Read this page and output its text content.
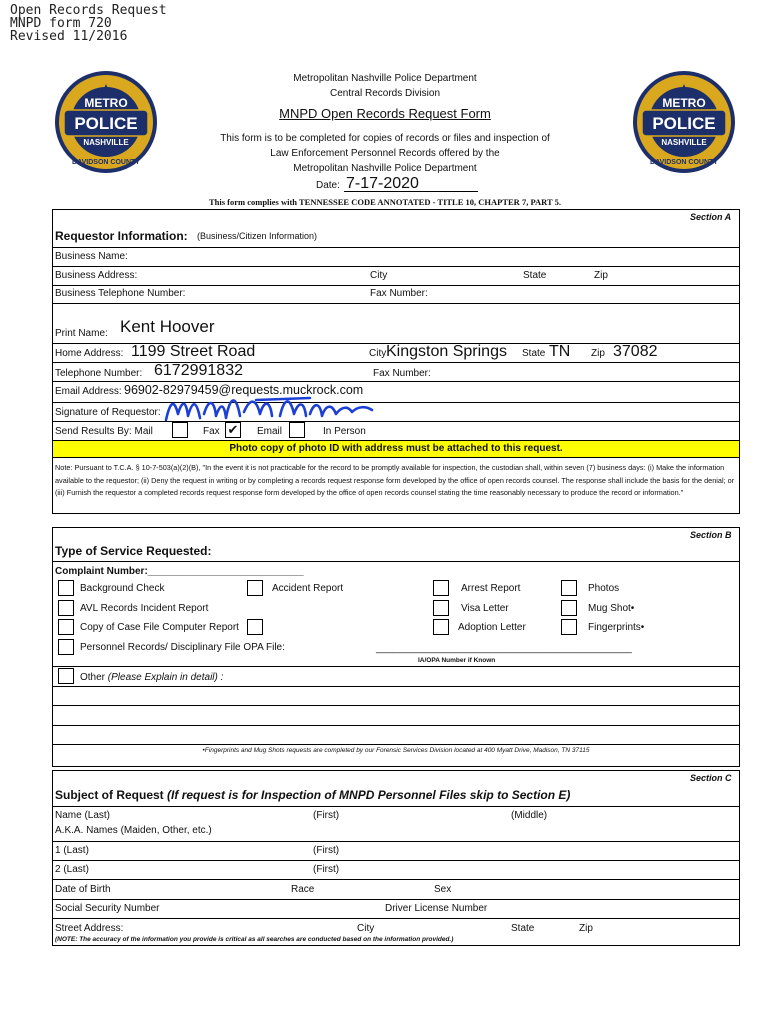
Open Records Request
MNPD form 720
Revised 11/2016
METRO
POLICE
NASHVILLE
DAVIDSON COUNTY
METRO
POLICE
NASHVILLE
DAVIDSON COUNTY
Metropolitan Nashville Police Department
Central Records Division
MNPD Open Records Request Form
This form is to be completed for copies of records or files and inspection of
Law Enforcement Personnel Records offered by the
Metropolitan Nashville Police Department
Date: 7-17-2020
This form complies with TENNESSEE CODE ANNOTATED - TITLE 10, CHAPTER 7, PART 5.
Section A
Requestor Information: (Business/Citizen Information)
Business Name:
Business Address:	City	State	Zip
Business Telephone Number:	Fax Number:
Print Name: Kent Hoover
Home Address: 1199 Street Road	City Kingston Springs State TN Zip 37082
Telephone Number: 6172991832	Fax Number:
Email Address: 96902-82979459@requests.muckrock.com
Signature of Requestor:
Send Results By: Mail	Fax ✔ Email	In Person
Photo copy of photo ID with address must be attached to this request.
Note: Pursuant to T.C.A. § 10-7-503(a)(2)(B), "In the event it is not practicable for the record to be promptly available for inspection, the custodian shall, within seven (7) business days: (i) Make the information available to the requestor; (ii) Deny the request in writing or by completing a records request response form developed by the office of open records counsel. The response shall include the basis for the denial; or (iii) Furnish the requestor a completed records request response form developed by the office of open records counsel stating the time reasonably necessary to produce the record or information."
Section B
Type of Service Requested:
Complaint Number:____________________________
Background Check	Accident Report	Arrest Report	Photos
AVL Records Incident Report	Visa Letter	Mug Shot•
Copy of Case File Computer Report	Adoption Letter	Fingerprints•
Personnel Records/ Disciplinary File OPA File:	______________________________________________
IA/OPA Number if Known
Other (Please Explain in detail) :
•Fingerprints and Mug Shots requests are completed by our Forensic Services Division located at 400 Myatt Drive, Madison, TN 37115
Section C
Subject of Request (If request is for Inspection of MNPD Personnel Files skip to Section E)
Name (Last)	(First)	(Middle)
A.K.A. Names (Maiden, Other, etc.)
1 (Last)	(First)
2 (Last)	(First)
Date of Birth	Race	Sex
Social Security Number	Driver License Number
Street Address:	City	State	Zip
(NOTE: The accuracy of the information you provide is critical as all searches are conducted based on the information provided.)
